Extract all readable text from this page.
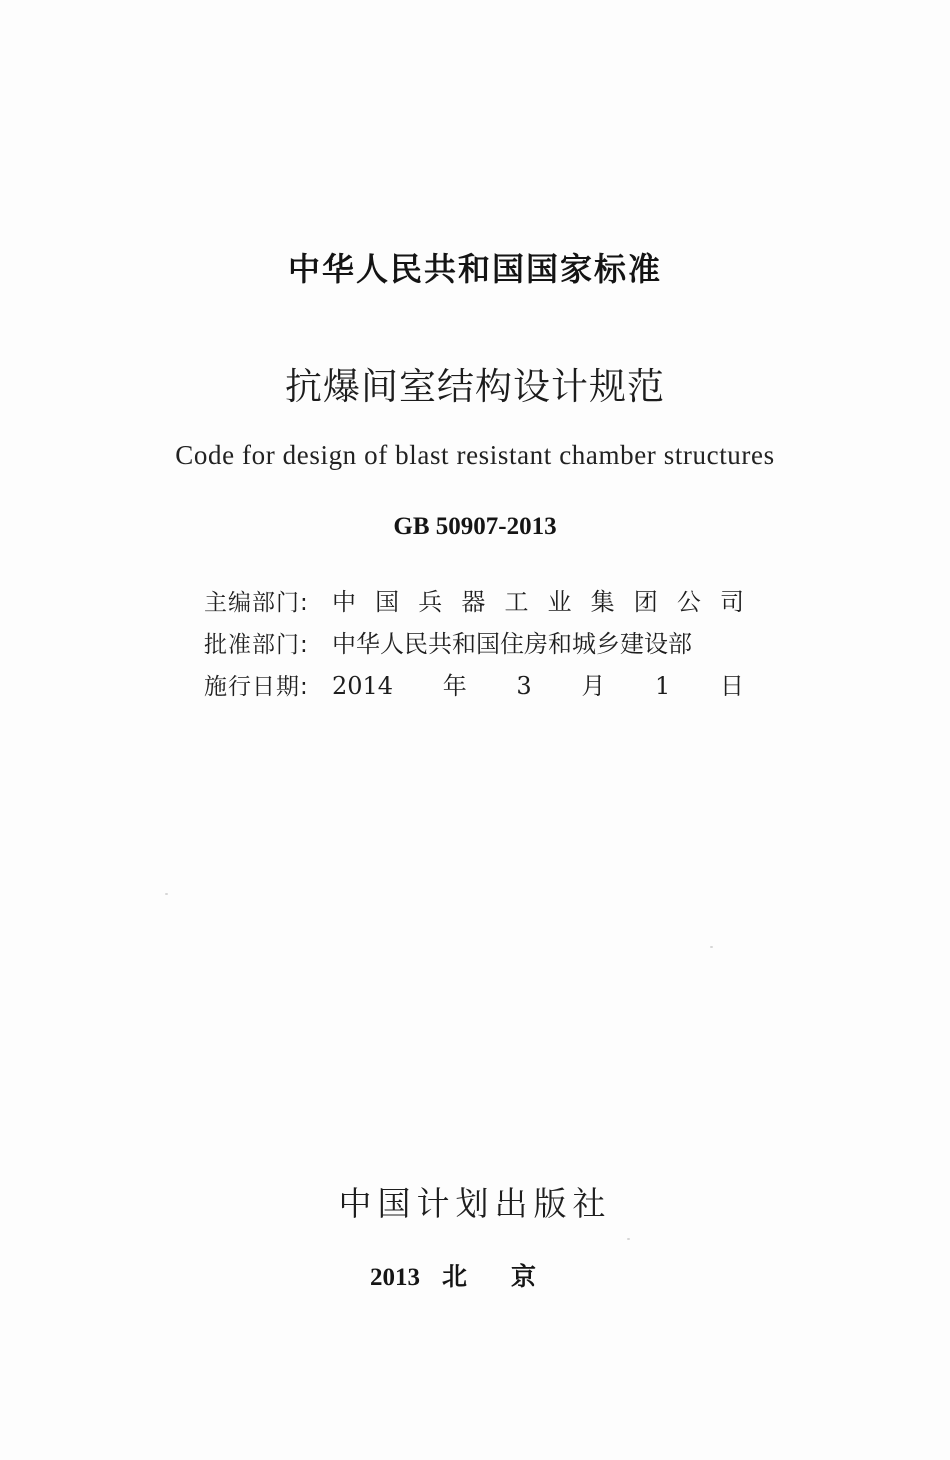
中华人民共和国国家标准
抗爆间室结构设计规范
Code for design of blast resistant chamber structures
GB 50907-2013
主编部门: 中国兵器工业集团公司
批准部门: 中华人民共和国住房和城乡建设部
施行日期: 2014年3月1日
中国计划出版社
2013 北京
